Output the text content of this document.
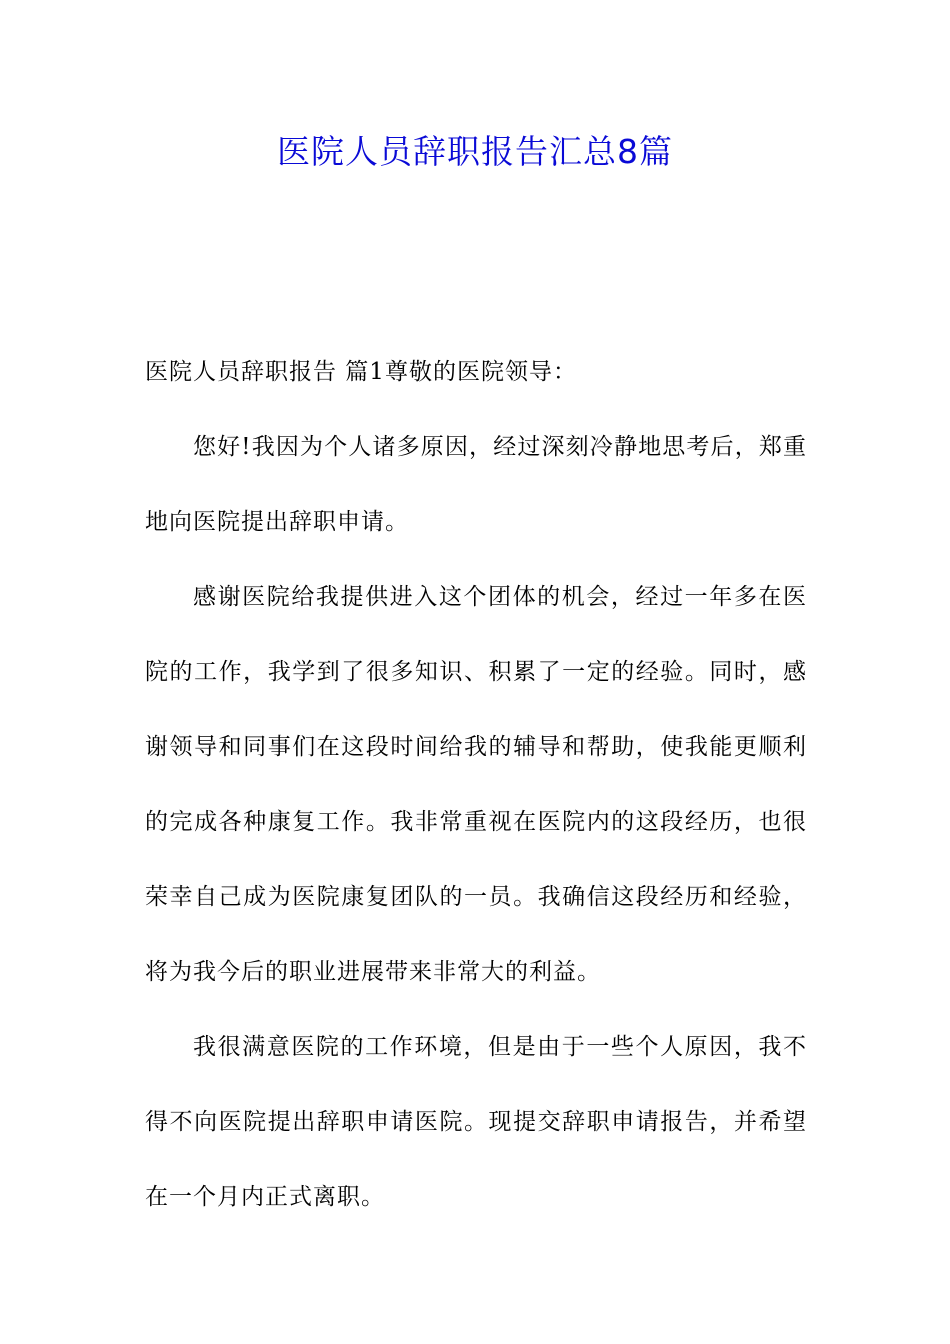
医院人员辞职报告汇总8篇

医院人员辞职报告 篇1尊敬的医院领导：

您好!我因为个人诸多原因，经过深刻冷静地思考后，郑重地向医院提出辞职申请。

感谢医院给我提供进入这个团体的机会，经过一年多在医院的工作，我学到了很多知识、积累了一定的经验。同时，感谢领导和同事们在这段时间给我的辅导和帮助，使我能更顺利的完成各种康复工作。我非常重视在医院内的这段经历，也很荣幸自己成为医院康复团队的一员。我确信这段经历和经验，将为我今后的职业进展带来非常大的利益。

我很满意医院的工作环境，但是由于一些个人原因，我不得不向医院提出辞职申请医院。现提交辞职申请报告，并希望在一个月内正式离职。
